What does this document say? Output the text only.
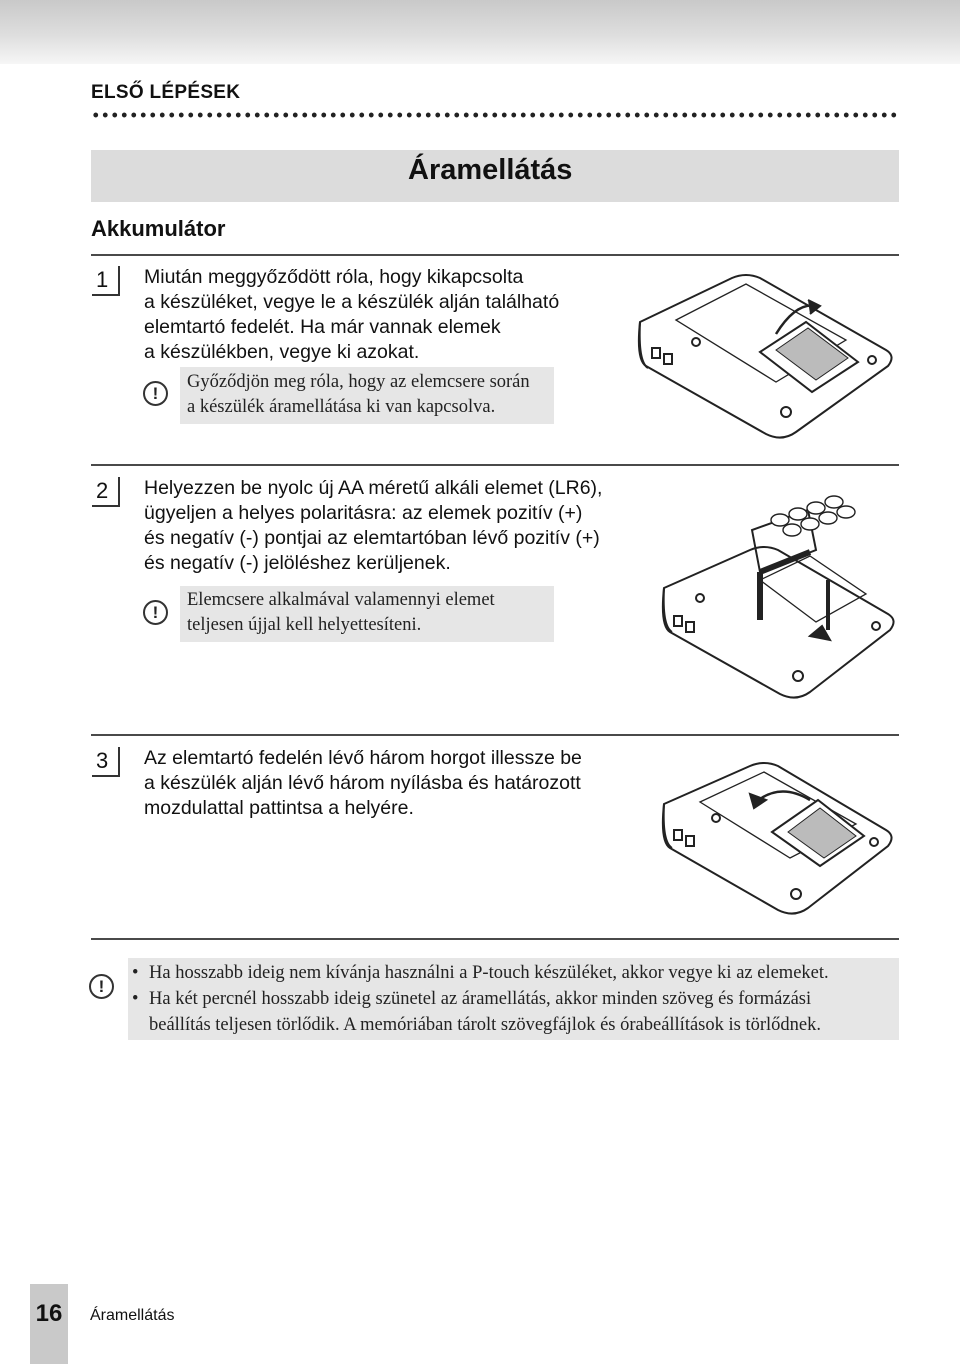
ELSŐ LÉPÉSEK
Áramellátás
Akkumulátor
1	Miután meggyőződött róla, hogy kikapcsolta
a készüléket, vegye le a készülék alján található
elemtartó fedelét. Ha már vannak elemek
a készülékben, vegye ki azokat.
!
Győződjön meg róla, hogy az elemcsere során
a készülék áramellátása ki van kapcsolva.
2	Helyezzen be nyolc új AA méretű alkáli elemet (LR6),
ügyeljen a helyes polaritásra: az elemek pozitív (+)
és negatív (-) pontjai az elemtartóban lévő pozitív (+)
és negatív (-) jelöléshez kerüljenek.
!
Elemcsere alkalmával valamennyi elemet
teljesen újjal kell helyettesíteni.
3	Az elemtartó fedelén lévő három horgot illessze be
a készülék alján lévő három nyílásba és határozott
mozdulattal pattintsa a helyére.
!
• Ha hosszabb ideig nem kívánja használni a P-touch készüléket, akkor vegye ki az elemeket.
• Ha két percnél hosszabb ideig szünetel az áramellátás, akkor minden szöveg és formázási
beállítás teljesen törlődik. A memóriában tárolt szövegfájlok és órabeállítások is törlődnek.
16	Áramellátás
